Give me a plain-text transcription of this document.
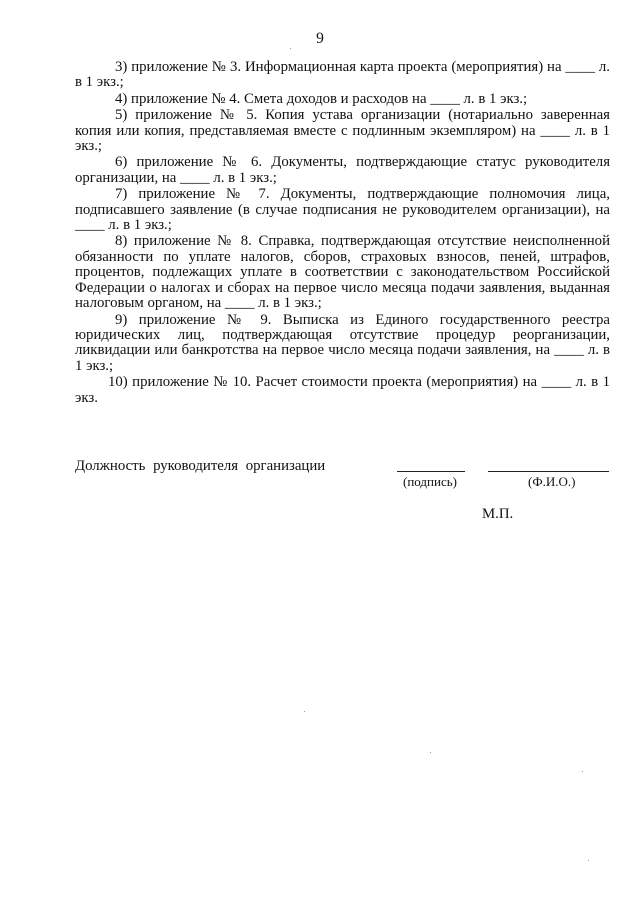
9

3) приложение № 3. Информационная карта проекта (мероприятия) на ____ л. в 1 экз.;

4) приложение № 4. Смета доходов и расходов на ____ л. в 1 экз.;

5) приложение № 5. Копия устава организации (нотариально заверенная копия или копия, представляемая вместе с подлинным экземпляром) на ____ л. в 1 экз.;

6) приложение № 6. Документы, подтверждающие статус руководителя организации, на ____ л. в 1 экз.;

7) приложение № 7. Документы, подтверждающие полномочия лица, подписавшего заявление (в случае подписания не руководителем организации), на ____ л. в 1 экз.;

8) приложение № 8. Справка, подтверждающая отсутствие неисполненной обязанности по уплате налогов, сборов, страховых взносов, пеней, штрафов, процентов, подлежащих уплате в соответствии с законодательством Российской Федерации о налогах и сборах на первое число месяца подачи заявления, выданная налоговым органом, на ____ л. в 1 экз.;

9) приложение № 9. Выписка из Единого государственного реестра юридических лиц, подтверждающая отсутствие процедур реорганизации, ликвидации или банкротства на первое число месяца подачи заявления, на ____ л. в 1 экз.;

10) приложение № 10. Расчет стоимости проекта (мероприятия) на ____ л. в 1 экз.

Должность руководителя организации
(подпись)	(Ф.И.О.)
М.П.
